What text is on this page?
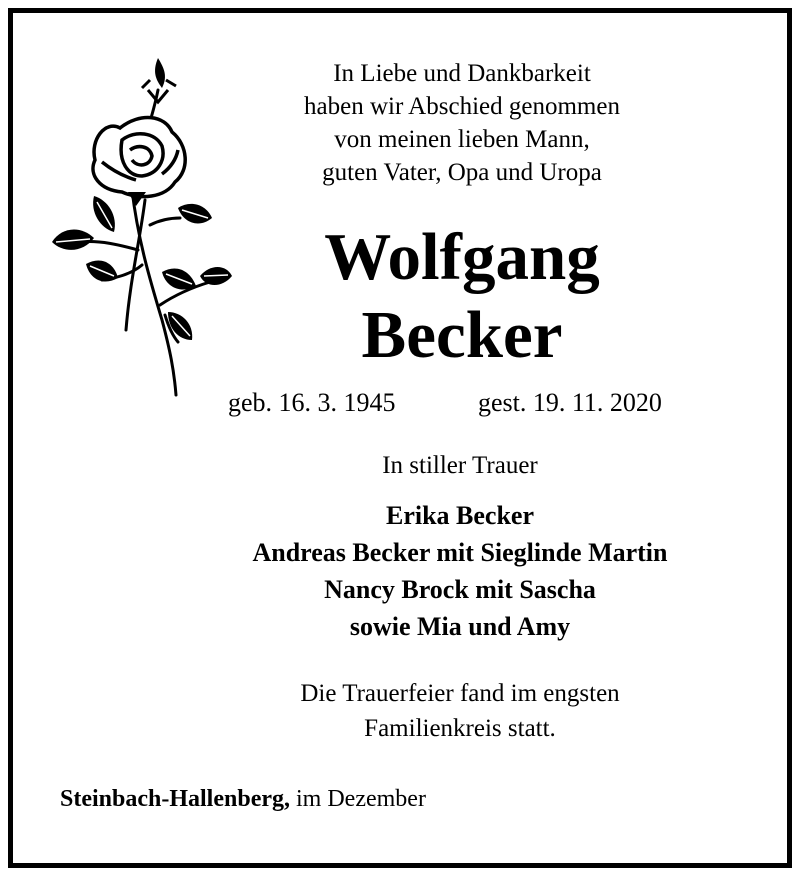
In Liebe und Dankbarkeit
haben wir Abschied genommen
von meinen lieben Mann,
guten Vater, Opa und Uropa
Wolfgang
Becker
geb. 16. 3. 1945	gest. 19. 11. 2020
In stiller Trauer
Erika Becker
Andreas Becker mit Sieglinde Martin
Nancy Brock mit Sascha
sowie Mia und Amy
Die Trauerfeier fand im engsten
Familienkreis statt.
Steinbach-Hallenberg, im Dezember
